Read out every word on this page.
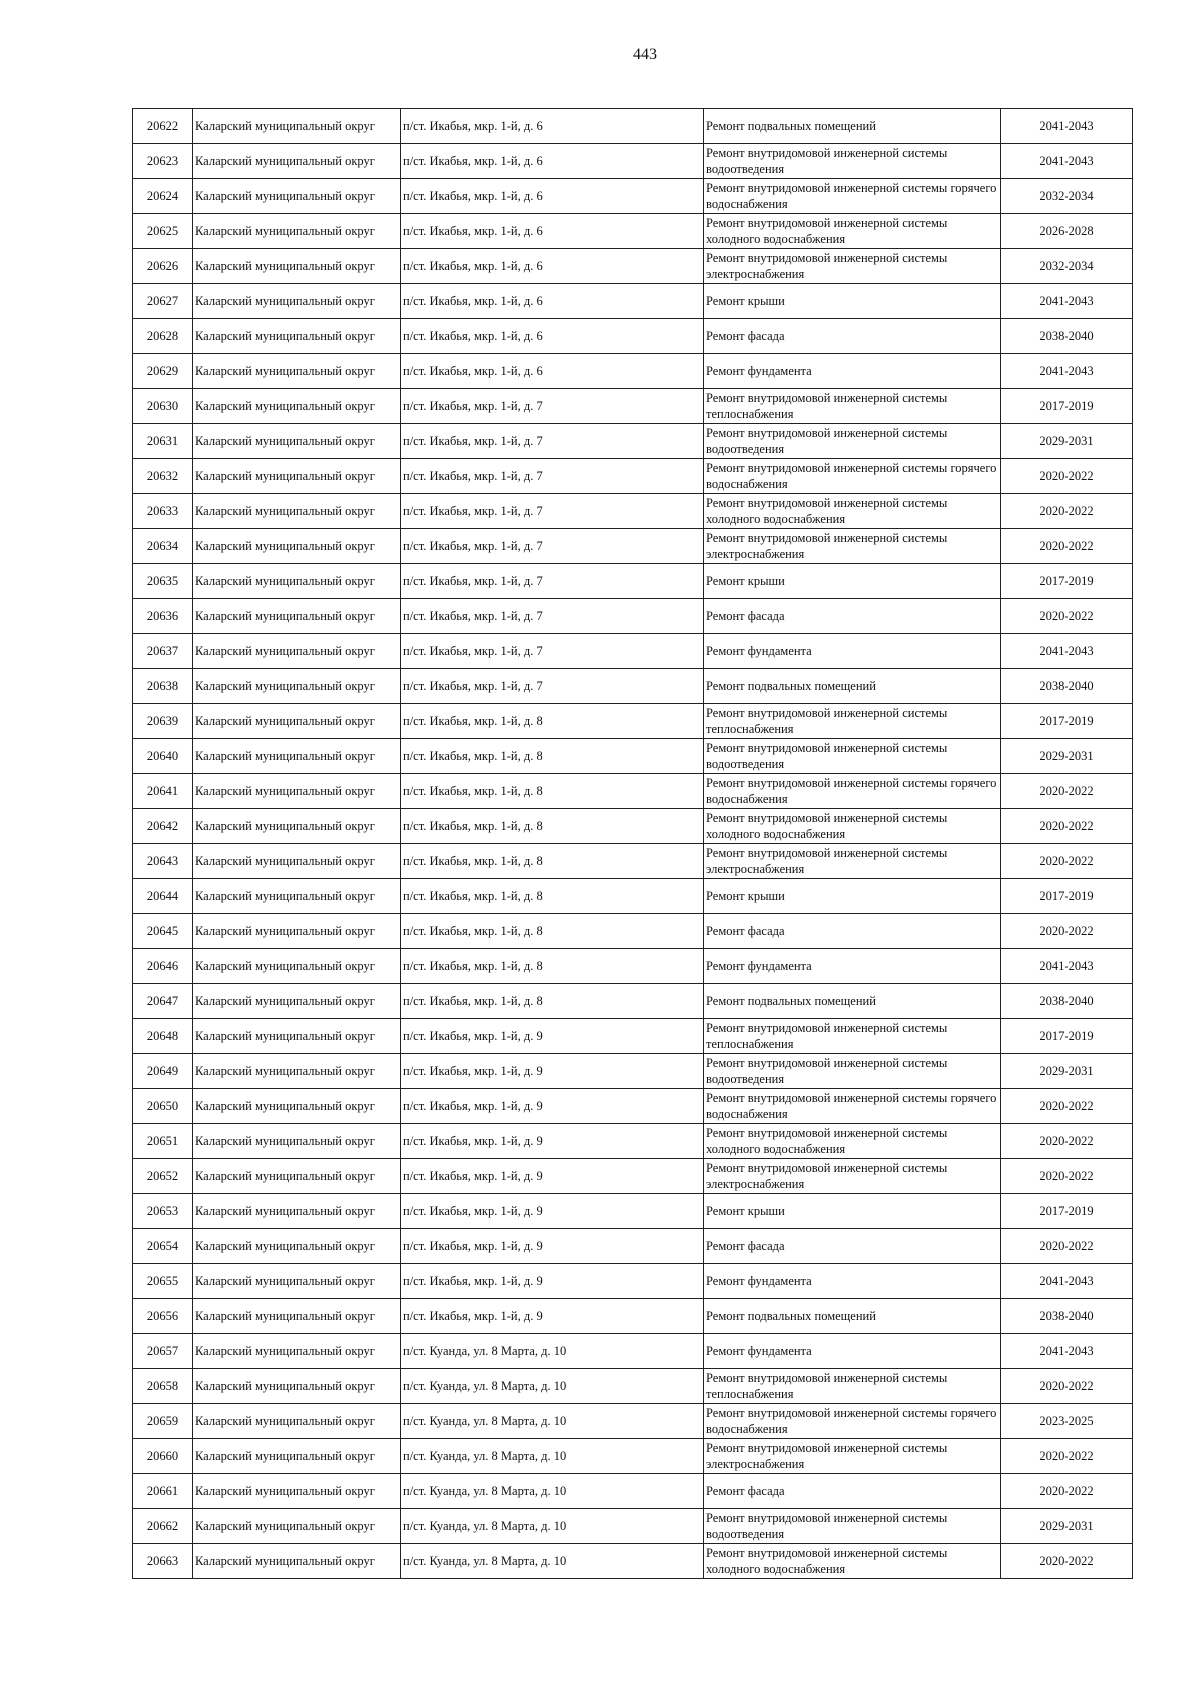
443
20622	Каларский муниципальный округ	п/ст. Икабья, мкр. 1-й, д. 6	Ремонт подвальных помещений	2041-2043
20623	Каларский муниципальный округ	п/ст. Икабья, мкр. 1-й, д. 6	Ремонт внутридомовой инженерной системы водоотведения	2041-2043
20624	Каларский муниципальный округ	п/ст. Икабья, мкр. 1-й, д. 6	Ремонт внутридомовой инженерной системы горячего водоснабжения	2032-2034
20625	Каларский муниципальный округ	п/ст. Икабья, мкр. 1-й, д. 6	Ремонт внутридомовой инженерной системы холодного водоснабжения	2026-2028
20626	Каларский муниципальный округ	п/ст. Икабья, мкр. 1-й, д. 6	Ремонт внутридомовой инженерной системы электроснабжения	2032-2034
20627	Каларский муниципальный округ	п/ст. Икабья, мкр. 1-й, д. 6	Ремонт крыши	2041-2043
20628	Каларский муниципальный округ	п/ст. Икабья, мкр. 1-й, д. 6	Ремонт фасада	2038-2040
20629	Каларский муниципальный округ	п/ст. Икабья, мкр. 1-й, д. 6	Ремонт фундамента	2041-2043
20630	Каларский муниципальный округ	п/ст. Икабья, мкр. 1-й, д. 7	Ремонт внутридомовой инженерной системы теплоснабжения	2017-2019
20631	Каларский муниципальный округ	п/ст. Икабья, мкр. 1-й, д. 7	Ремонт внутридомовой инженерной системы водоотведения	2029-2031
20632	Каларский муниципальный округ	п/ст. Икабья, мкр. 1-й, д. 7	Ремонт внутридомовой инженерной системы горячего водоснабжения	2020-2022
20633	Каларский муниципальный округ	п/ст. Икабья, мкр. 1-й, д. 7	Ремонт внутридомовой инженерной системы холодного водоснабжения	2020-2022
20634	Каларский муниципальный округ	п/ст. Икабья, мкр. 1-й, д. 7	Ремонт внутридомовой инженерной системы электроснабжения	2020-2022
20635	Каларский муниципальный округ	п/ст. Икабья, мкр. 1-й, д. 7	Ремонт крыши	2017-2019
20636	Каларский муниципальный округ	п/ст. Икабья, мкр. 1-й, д. 7	Ремонт фасада	2020-2022
20637	Каларский муниципальный округ	п/ст. Икабья, мкр. 1-й, д. 7	Ремонт фундамента	2041-2043
20638	Каларский муниципальный округ	п/ст. Икабья, мкр. 1-й, д. 7	Ремонт подвальных помещений	2038-2040
20639	Каларский муниципальный округ	п/ст. Икабья, мкр. 1-й, д. 8	Ремонт внутридомовой инженерной системы теплоснабжения	2017-2019
20640	Каларский муниципальный округ	п/ст. Икабья, мкр. 1-й, д. 8	Ремонт внутридомовой инженерной системы водоотведения	2029-2031
20641	Каларский муниципальный округ	п/ст. Икабья, мкр. 1-й, д. 8	Ремонт внутридомовой инженерной системы горячего водоснабжения	2020-2022
20642	Каларский муниципальный округ	п/ст. Икабья, мкр. 1-й, д. 8	Ремонт внутридомовой инженерной системы холодного водоснабжения	2020-2022
20643	Каларский муниципальный округ	п/ст. Икабья, мкр. 1-й, д. 8	Ремонт внутридомовой инженерной системы электроснабжения	2020-2022
20644	Каларский муниципальный округ	п/ст. Икабья, мкр. 1-й, д. 8	Ремонт крыши	2017-2019
20645	Каларский муниципальный округ	п/ст. Икабья, мкр. 1-й, д. 8	Ремонт фасада	2020-2022
20646	Каларский муниципальный округ	п/ст. Икабья, мкр. 1-й, д. 8	Ремонт фундамента	2041-2043
20647	Каларский муниципальный округ	п/ст. Икабья, мкр. 1-й, д. 8	Ремонт подвальных помещений	2038-2040
20648	Каларский муниципальный округ	п/ст. Икабья, мкр. 1-й, д. 9	Ремонт внутридомовой инженерной системы теплоснабжения	2017-2019
20649	Каларский муниципальный округ	п/ст. Икабья, мкр. 1-й, д. 9	Ремонт внутридомовой инженерной системы водоотведения	2029-2031
20650	Каларский муниципальный округ	п/ст. Икабья, мкр. 1-й, д. 9	Ремонт внутридомовой инженерной системы горячего водоснабжения	2020-2022
20651	Каларский муниципальный округ	п/ст. Икабья, мкр. 1-й, д. 9	Ремонт внутридомовой инженерной системы холодного водоснабжения	2020-2022
20652	Каларский муниципальный округ	п/ст. Икабья, мкр. 1-й, д. 9	Ремонт внутридомовой инженерной системы электроснабжения	2020-2022
20653	Каларский муниципальный округ	п/ст. Икабья, мкр. 1-й, д. 9	Ремонт крыши	2017-2019
20654	Каларский муниципальный округ	п/ст. Икабья, мкр. 1-й, д. 9	Ремонт фасада	2020-2022
20655	Каларский муниципальный округ	п/ст. Икабья, мкр. 1-й, д. 9	Ремонт фундамента	2041-2043
20656	Каларский муниципальный округ	п/ст. Икабья, мкр. 1-й, д. 9	Ремонт подвальных помещений	2038-2040
20657	Каларский муниципальный округ	п/ст. Куанда, ул. 8 Марта, д. 10	Ремонт фундамента	2041-2043
20658	Каларский муниципальный округ	п/ст. Куанда, ул. 8 Марта, д. 10	Ремонт внутридомовой инженерной системы теплоснабжения	2020-2022
20659	Каларский муниципальный округ	п/ст. Куанда, ул. 8 Марта, д. 10	Ремонт внутридомовой инженерной системы горячего водоснабжения	2023-2025
20660	Каларский муниципальный округ	п/ст. Куанда, ул. 8 Марта, д. 10	Ремонт внутридомовой инженерной системы электроснабжения	2020-2022
20661	Каларский муниципальный округ	п/ст. Куанда, ул. 8 Марта, д. 10	Ремонт фасада	2020-2022
20662	Каларский муниципальный округ	п/ст. Куанда, ул. 8 Марта, д. 10	Ремонт внутридомовой инженерной системы водоотведения	2029-2031
20663	Каларский муниципальный округ	п/ст. Куанда, ул. 8 Марта, д. 10	Ремонт внутридомовой инженерной системы холодного водоснабжения	2020-2022
